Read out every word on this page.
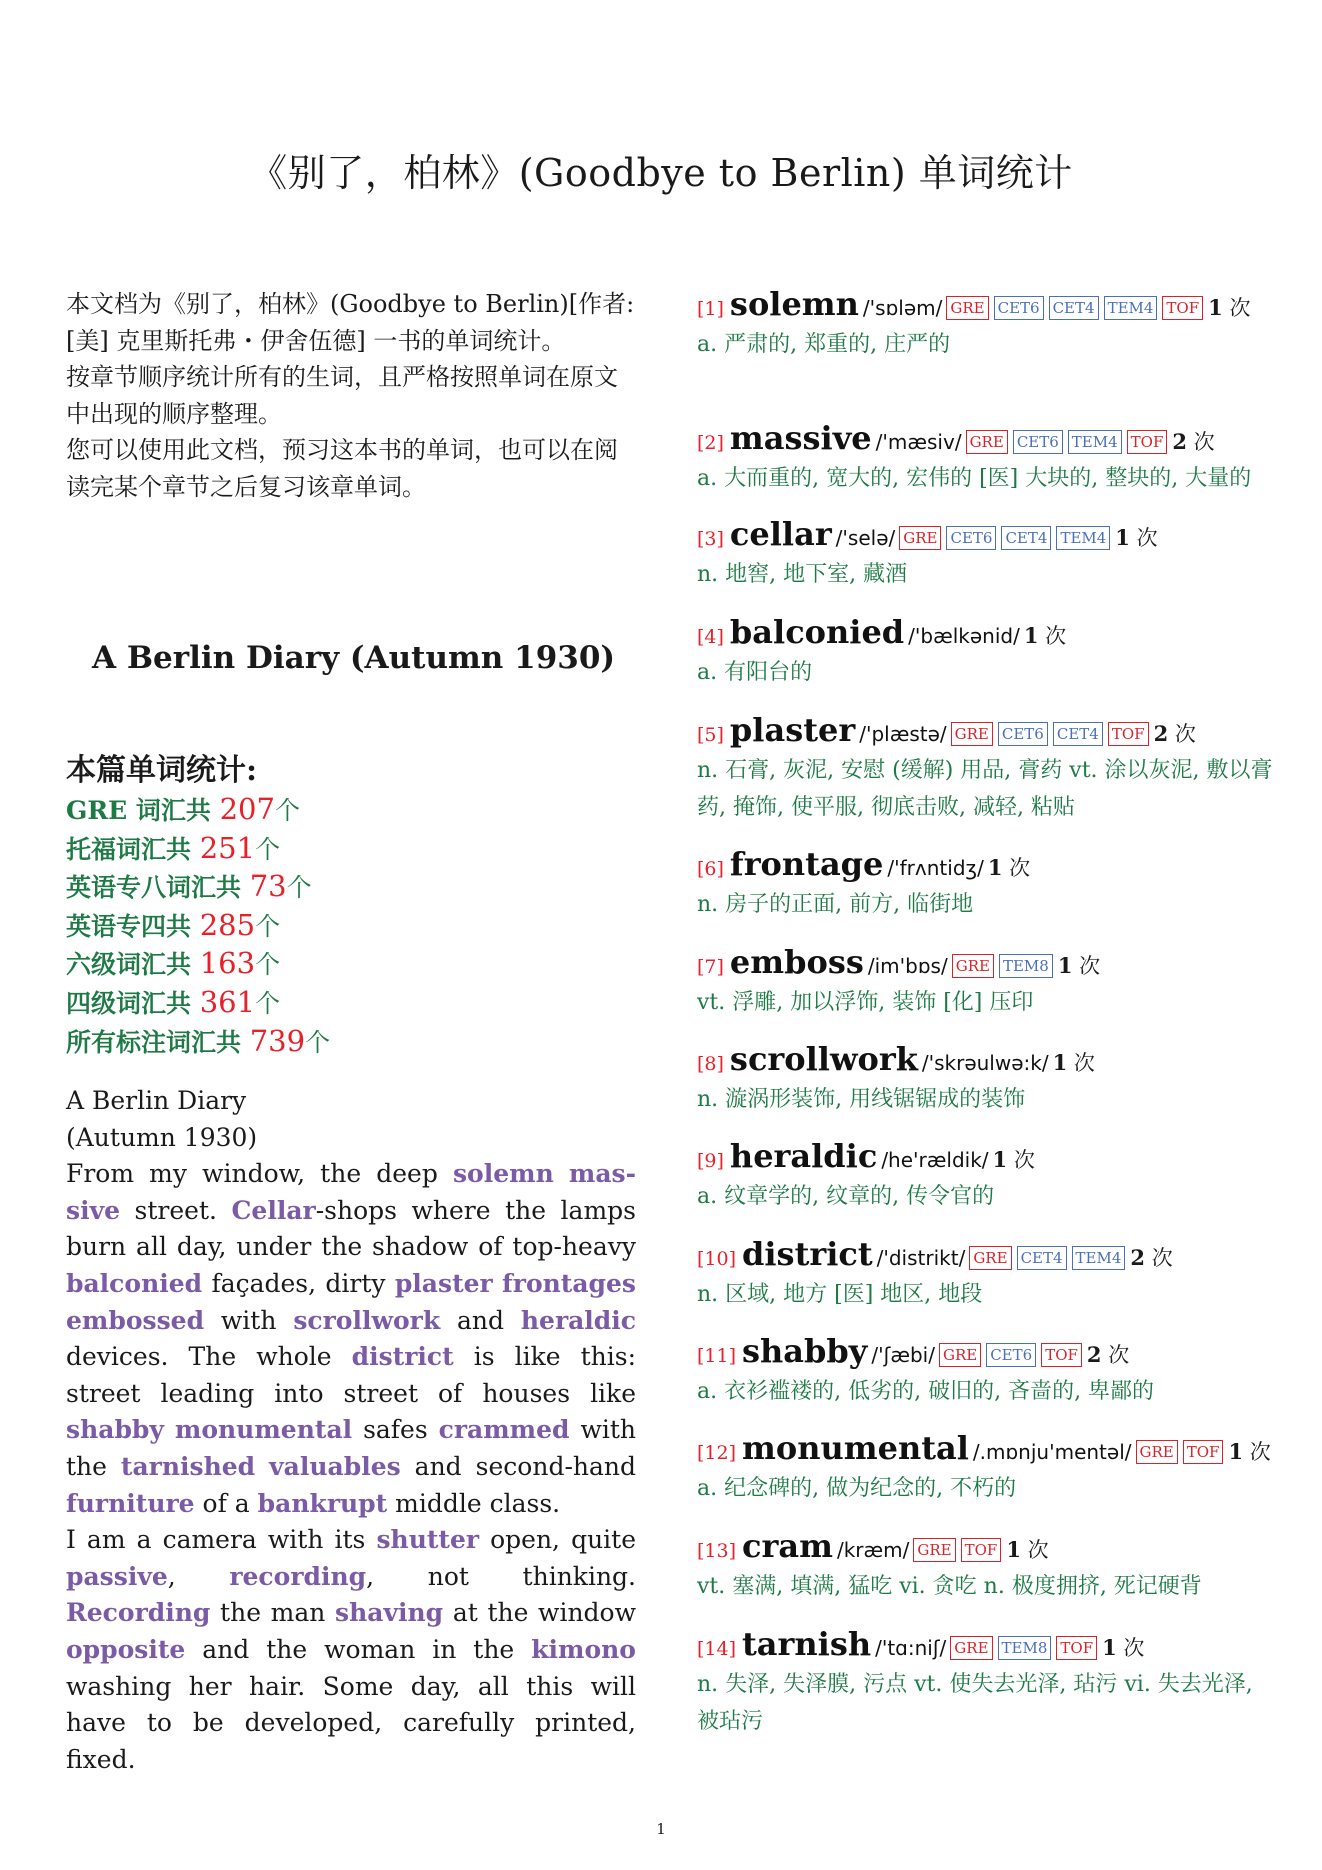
《别了，柏林》(Goodbye to Berlin) 单词统计

本文档为《别了，柏林》(Goodbye to Berlin)[作者: [美] 克里斯托弗・伊舍伍德] 一书的单词统计。

按章节顺序统计所有的生词，且严格按照单词在原文中出现的顺序整理。

您可以使用此文档，预习这本书的单词，也可以在阅读完某个章节之后复习该章单词。

A Berlin Diary (Autumn 1930)
本篇单词统计:
GRE 词汇共 207个
托福词汇共 251个
英语专八词汇共 73个
英语专四共 285个
六级词汇共 163个
四级词汇共 361个
所有标注词汇共 739个

A Berlin Diary

(Autumn 1930)

From my window, the deep solemn massive street. Cellar-shops where the lamps burn all day, under the shadow of top-heavy balconied façades, dirty plaster frontages embossed with scrollwork and heraldic devices. The whole district is like this: street leading into street of houses like shabby monumental safes crammed with the tarnished valuables and second-hand furniture of a bankrupt middle class.

I am a camera with its shutter open, quite passive, recording, not thinking. Recording the man shaving at the window opposite and the woman in the kimono washing her hair. Some day, all this will have to be developed, carefully printed, fixed.

[1] solemn /'sɒləm/ GRE CET6 CET4 TEM4 TOF 1 次
a. 严肃的, 郑重的, 庄严的
[2] massive /'mæsiv/ GRE CET6 TEM4 TOF 2 次
a. 大而重的, 宽大的, 宏伟的 [医] 大块的, 整块的, 大量的
[3] cellar /'selə/ GRE CET6 CET4 TEM4 1 次
n. 地窖, 地下室, 藏酒
[4] balconied /'bælkənid/ 1 次
a. 有阳台的
[5] plaster /'plæstə/ GRE CET6 CET4 TOF 2 次
n. 石膏, 灰泥, 安慰 (缓解) 用品, 膏药 vt. 涂以灰泥, 敷以膏药, 掩饰, 使平服, 彻底击败, 减轻, 粘贴
[6] frontage /'frʌntidʒ/ 1 次
n. 房子的正面, 前方, 临街地
[7] emboss /im'bɒs/ GRE TEM8 1 次
vt. 浮雕, 加以浮饰, 装饰 [化] 压印
[8] scrollwork /'skrəulwə:k/ 1 次
n. 漩涡形装饰, 用线锯锯成的装饰
[9] heraldic /he'rældik/ 1 次
a. 纹章学的, 纹章的, 传令官的
[10] district /'distrikt/ GRE CET4 TEM4 2 次
n. 区域, 地方 [医] 地区, 地段
[11] shabby /'ʃæbi/ GRE CET6 TOF 2 次
a. 衣衫褴褛的, 低劣的, 破旧的, 吝啬的, 卑鄙的
[12] monumental /.mɒnju'mentəl/ GRE TOF 1 次
a. 纪念碑的, 做为纪念的, 不朽的
[13] cram /kræm/ GRE TOF 1 次
vt. 塞满, 填满, 猛吃 vi. 贪吃 n. 极度拥挤, 死记硬背
[14] tarnish /'tɑ:niʃ/ GRE TEM8 TOF 1 次
n. 失泽, 失泽膜, 污点 vt. 使失去光泽, 玷污 vi. 失去光泽, 被玷污
1
